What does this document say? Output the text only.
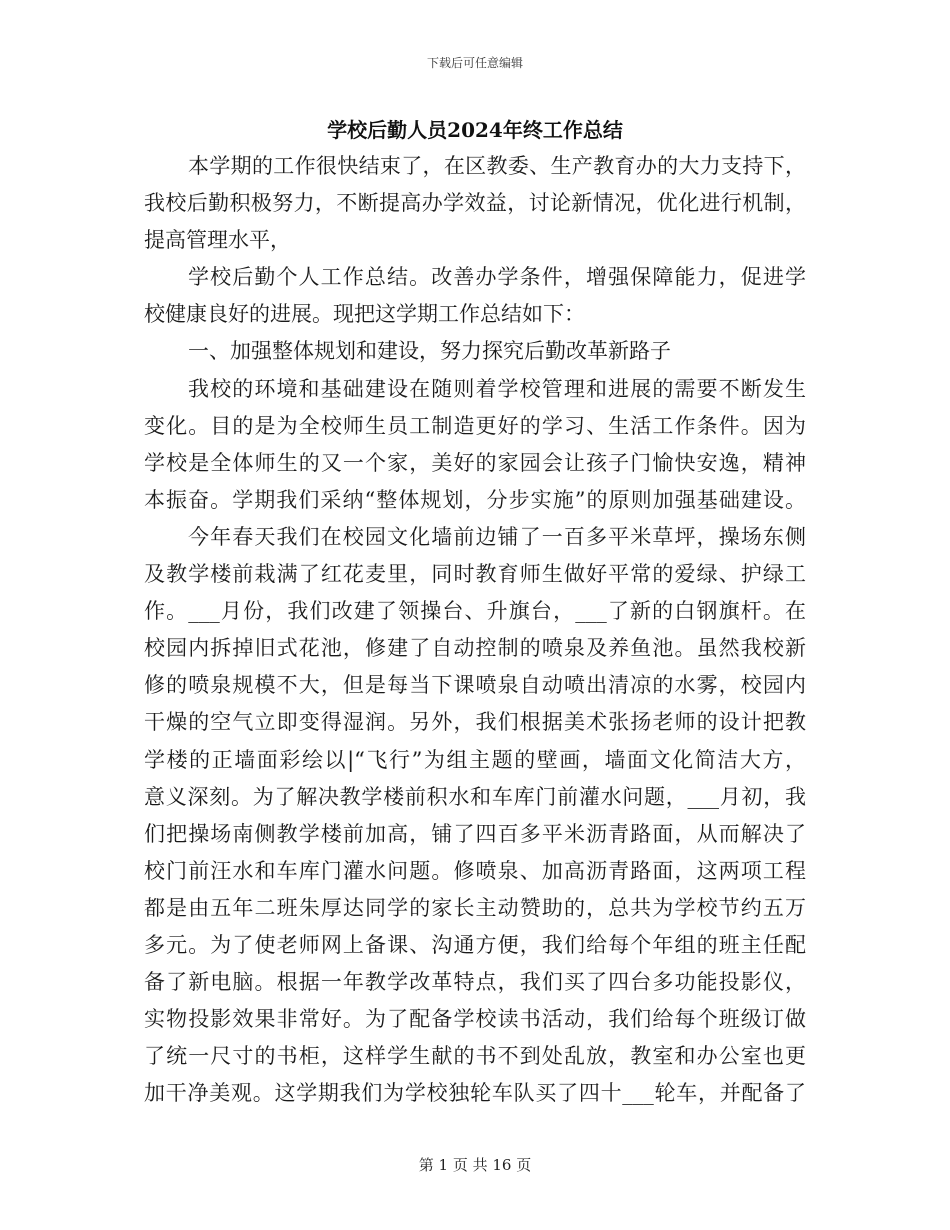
下载后可任意编辑
学校后勤人员2024年终工作总结
本学期的工作很快结束了，在区教委、生产教育办的大力支持下，
我校后勤积极努力，不断提高办学效益，讨论新情况，优化进行机制，
提高管理水平，
学校后勤个人工作总结。改善办学条件，增强保障能力，促进学
校健康良好的进展。现把这学期工作总结如下：
一、加强整体规划和建设，努力探究后勤改革新路子
我校的环境和基础建设在随则着学校管理和进展的需要不断发生
变化。目的是为全校师生员工制造更好的学习、生活工作条件。因为
学校是全体师生的又一个家，美好的家园会让孩子门愉快安逸，精神
本振奋。学期我们采纳“整体规划，分步实施”的原则加强基础建设。
今年春天我们在校园文化墙前边铺了一百多平米草坪，操场东侧
及教学楼前栽满了红花麦里，同时教育师生做好平常的爱绿、护绿工
作。___月份，我们改建了领操台、升旗台，___了新的白钢旗杆。在
校园内拆掉旧式花池，修建了自动控制的喷泉及养鱼池。虽然我校新
修的喷泉规模不大，但是每当下课喷泉自动喷出清凉的水雾，校园内
干燥的空气立即变得湿润。另外，我们根据美术张扬老师的设计把教
学楼的正墙面彩绘以|“飞行”为组主题的壁画，墙面文化简洁大方，
意义深刻。为了解决教学楼前积水和车库门前灌水问题，___月初，我
们把操场南侧教学楼前加高，铺了四百多平米沥青路面，从而解决了
校门前汪水和车库门灌水问题。修喷泉、加高沥青路面，这两项工程
都是由五年二班朱厚达同学的家长主动赞助的，总共为学校节约五万
多元。为了使老师网上备课、沟通方便，我们给每个年组的班主任配
备了新电脑。根据一年教学改革特点，我们买了四台多功能投影仪，
实物投影效果非常好。为了配备学校读书活动，我们给每个班级订做
了统一尺寸的书柜，这样学生献的书不到处乱放，教室和办公室也更
加干净美观。这学期我们为学校独轮车队买了四十___轮车，并配备了
第 1 页 共 16 页
